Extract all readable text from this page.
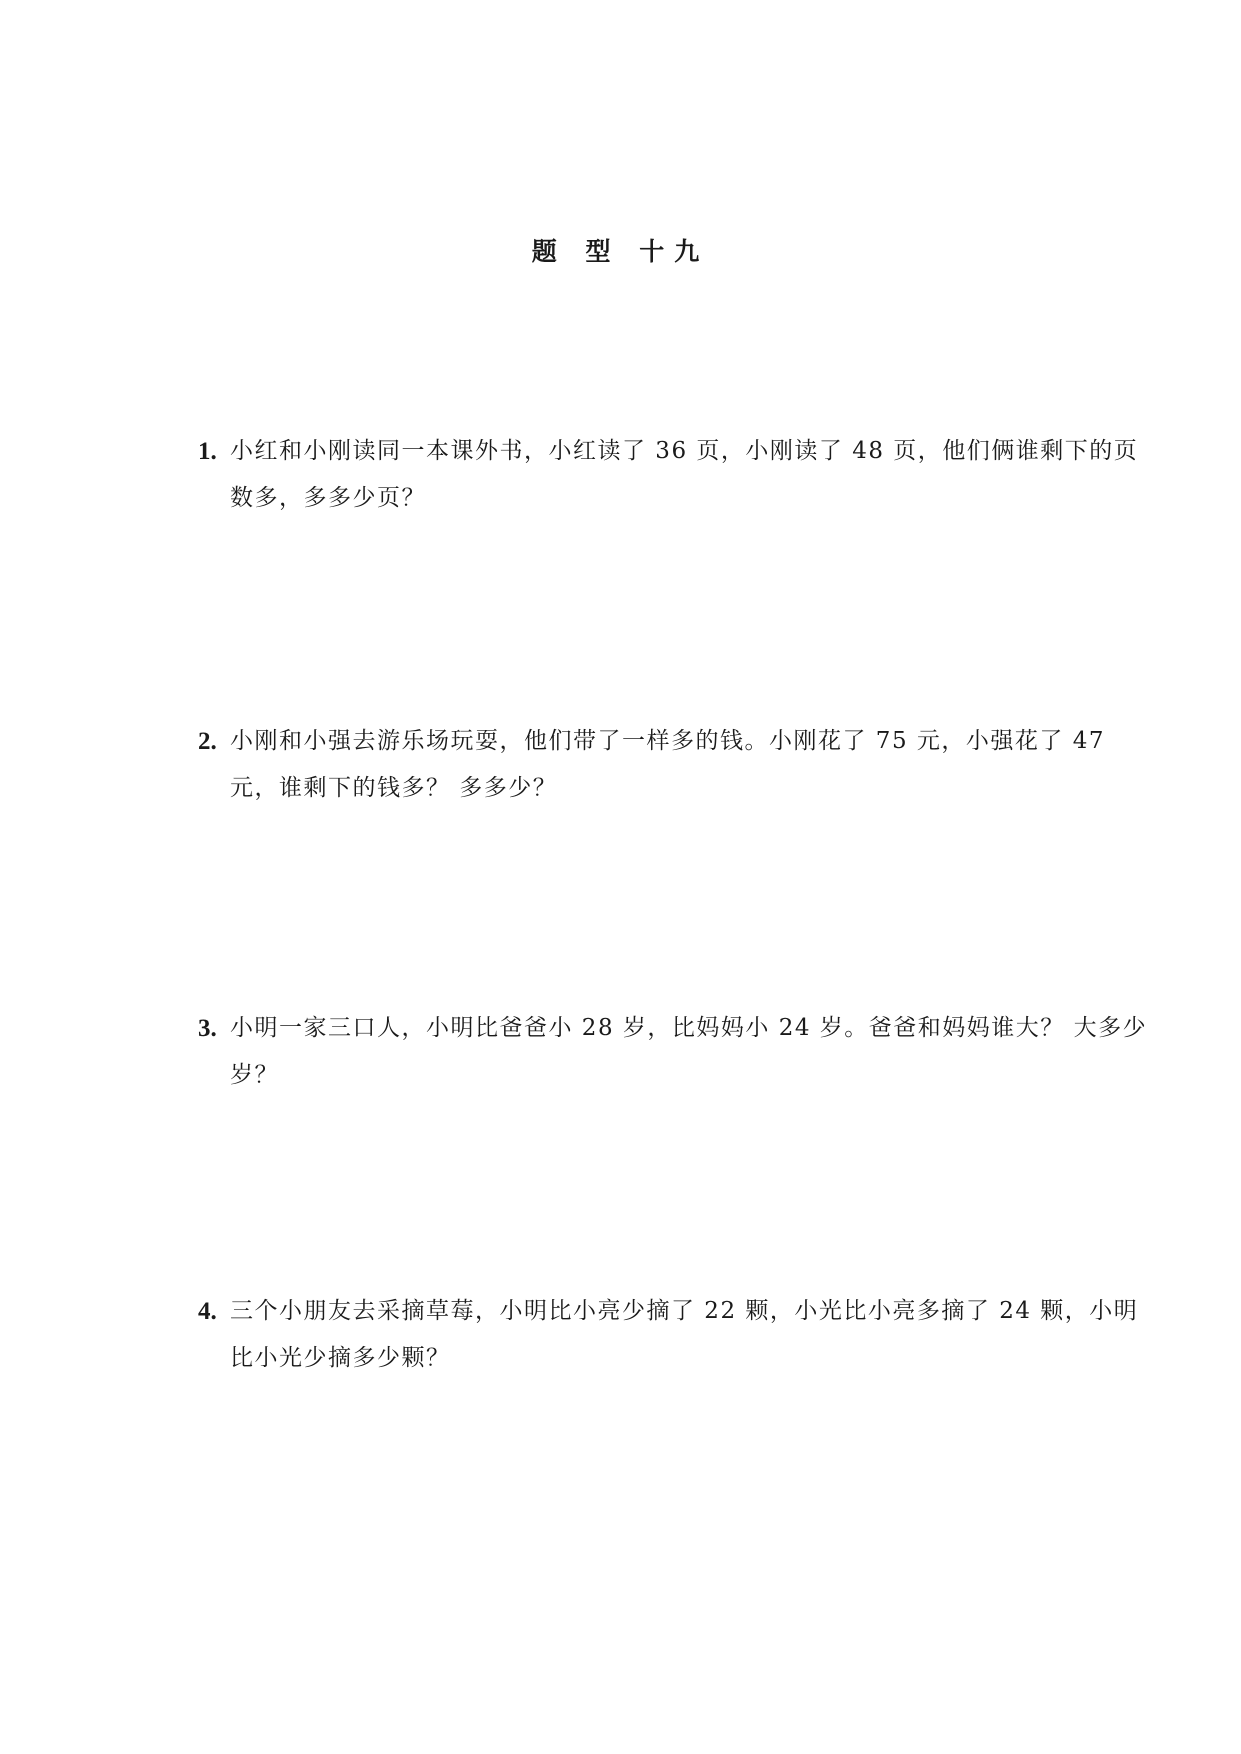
题 型 十九
1. 小红和小刚读同一本课外书，小红读了 36 页，小刚读了 48 页，他们俩谁剩下的页数多，多多少页？
2. 小刚和小强去游乐场玩耍，他们带了一样多的钱。小刚花了 75 元，小强花了 47 元，谁剩下的钱多？ 多多少？
3. 小明一家三口人，小明比爸爸小 28 岁，比妈妈小 24 岁。爸爸和妈妈谁大？ 大多少岁？
4. 三个小朋友去采摘草莓，小明比小亮少摘了 22 颗，小光比小亮多摘了 24 颗，小明比小光少摘多少颗？
